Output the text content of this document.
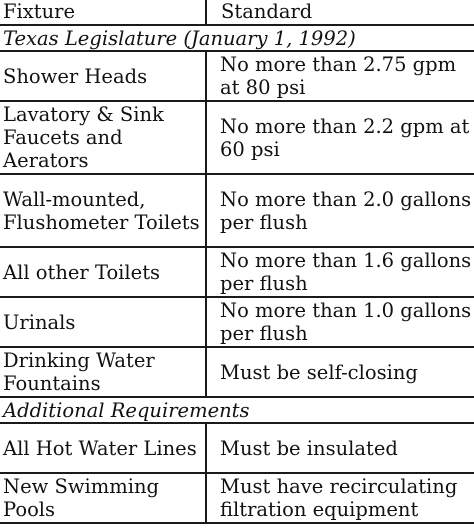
Fixture	Standard
Texas Legislature (January 1, 1992)	
Shower Heads	No more than 2.75 gpm
at 80 psi

Lavatory & Sink Faucets and Aerators	No more than 2.2 gpm at
60 psi

Wall-mounted, Flushometer Toilets	No more than 2.0 gallons
per flush

All other Toilets	No more than 1.6 gallons
per flush

Urinals	No more than 1.0 gallons
per flush

Drinking Water Fountains	Must be self-closing

Additional Requirements	
All Hot Water Lines	Must be insulated

New Swimming Pools	Must have recirculating
filtration equipment
